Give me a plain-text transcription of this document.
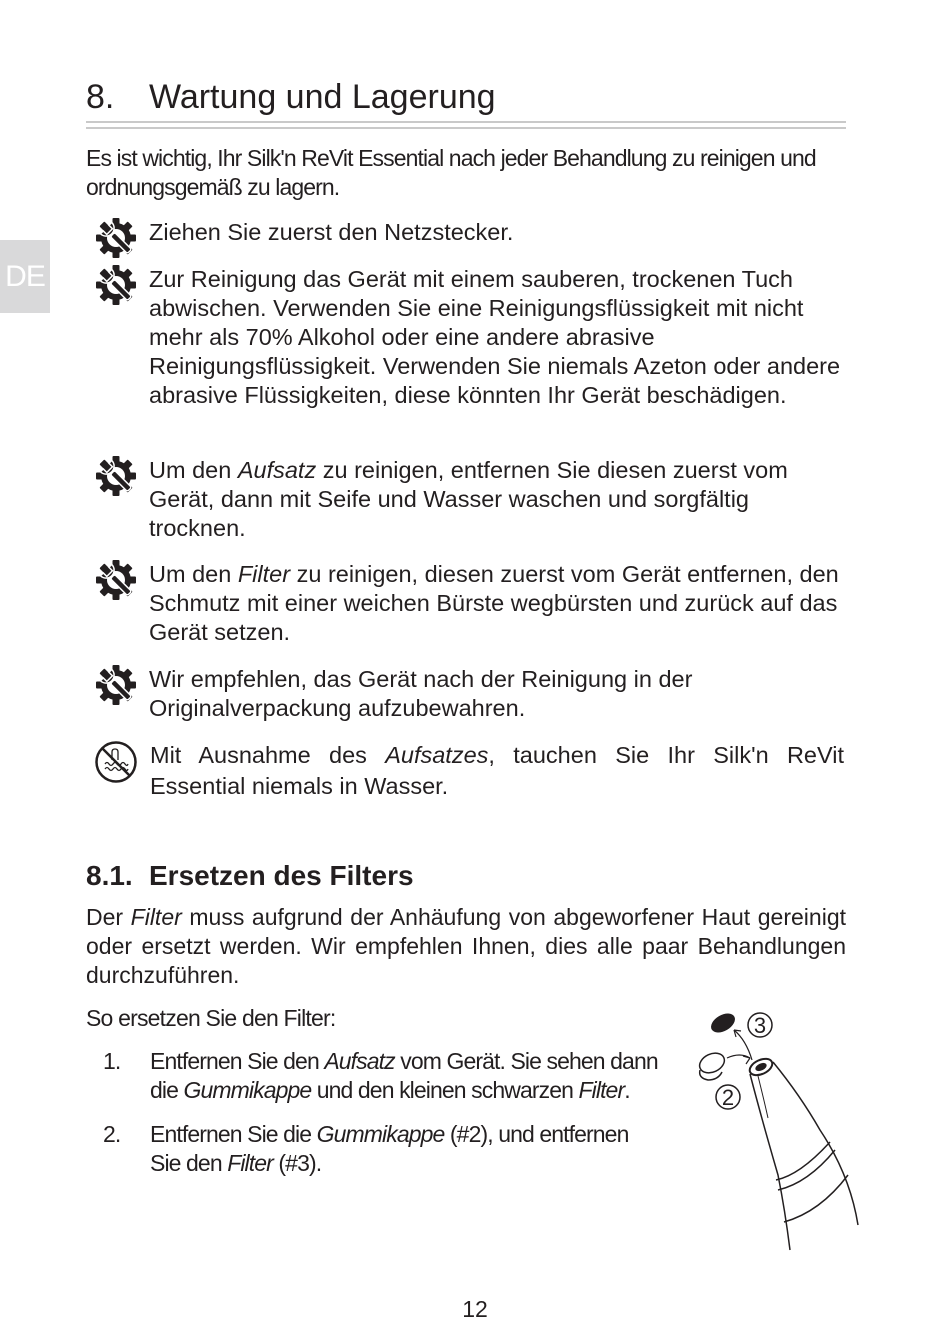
DE
8. Wartung und Lagerung

Es ist wichtig, Ihr Silk'n ReVit Essential nach jeder Behandlung zu reinigen und ordnungsgemäß zu lagern.

Ziehen Sie zuerst den Netzstecker.
Zur Reinigung das Gerät mit einem sauberen, trockenen Tuch abwischen. Verwenden Sie eine Reinigungsflüssigkeit mit nicht mehr als 70% Alkohol oder eine andere abrasive Reinigungsflüssigkeit. Verwenden Sie niemals Azeton oder andere abrasive Flüssigkeiten, diese könnten Ihr Gerät beschädigen.
Um den Aufsatz zu reinigen, entfernen Sie diesen zuerst vom Gerät, dann mit Seife und Wasser waschen und sorgfältig trocknen.
Um den Filter zu reinigen, diesen zuerst vom Gerät entfernen, den Schmutz mit einer weichen Bürste wegbürsten und zurück auf das Gerät setzen.
Wir empfehlen, das Gerät nach der Reinigung in der Originalverpackung aufzubewahren.
Mit Ausnahme des Aufsatzes, tauchen Sie Ihr Silk'n ReVit Essential niemals in Wasser.
8.1. Ersetzen des Filters

Der Filter muss aufgrund der Anhäufung von abgeworfener Haut gereinigt oder ersetzt werden. Wir empfehlen Ihnen, dies alle paar Behandlungen durchzuführen.

So ersetzen Sie den Filter:

1.	Entfernen Sie den Aufsatz vom Gerät. Sie sehen dann die Gummikappe und den kleinen schwarzen Filter.
2.	Entfernen Sie die Gummikappe (#2), und entfernen Sie den Filter (#3).
3
2
12
